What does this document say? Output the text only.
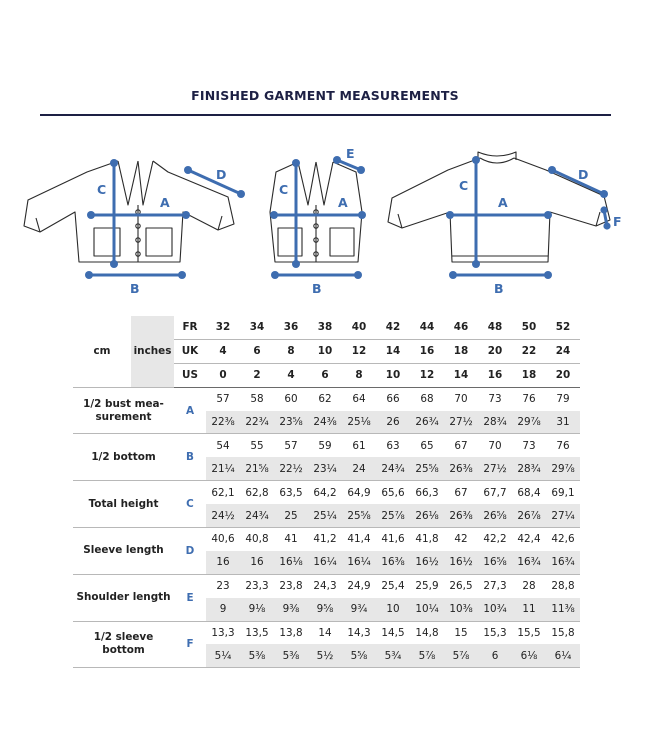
FINISHED GARMENT MEASUREMENTS
C
A
B
D
C
A
B
E
C
A
B
D
F
cm	inches	FR	32	34	36	38	40	42	44	46	48	50	52
		UK	4	6	8	10	12	14	16	18	20	22	24
		US	0	2	4	6	8	10	12	14	16	18	20
1/2 bust mea-
surement		A	57	58	60	62	64	66	68	70	73	76	79
			22⅜	22¾	23⅝	24⅜	25⅛	26	26¾	27½	28¾	29⅞	31
1/2 bottom		B	54	55	57	59	61	63	65	67	70	73	76
			21¼	21⅝	22½	23¼	24	24¾	25⅝	26⅜	27½	28¾	29⅞
Total height		C	62,1	62,8	63,5	64,2	64,9	65,6	66,3	67	67,7	68,4	69,1
			24½	24¾	25	25¼	25⅝	25⅞	26⅛	26⅜	26⅝	26⅞	27¼
Sleeve length		D	40,6	40,8	41	41,2	41,4	41,6	41,8	42	42,2	42,4	42,6
			16	16	16⅛	16¼	16¼	16⅜	16½	16½	16⅝	16¾	16¾
Shoulder length		E	23	23,3	23,8	24,3	24,9	25,4	25,9	26,5	27,3	28	28,8
			9	9⅛	9⅜	9⅝	9¾	10	10¼	10⅜	10¾	11	11⅜
1/2 sleeve bottom		F	13,3	13,5	13,8	14	14,3	14,5	14,8	15	15,3	15,5	15,8
			5¼	5⅜	5⅜	5½	5⅝	5¾	5⅞	5⅞	6	6⅛	6¼
